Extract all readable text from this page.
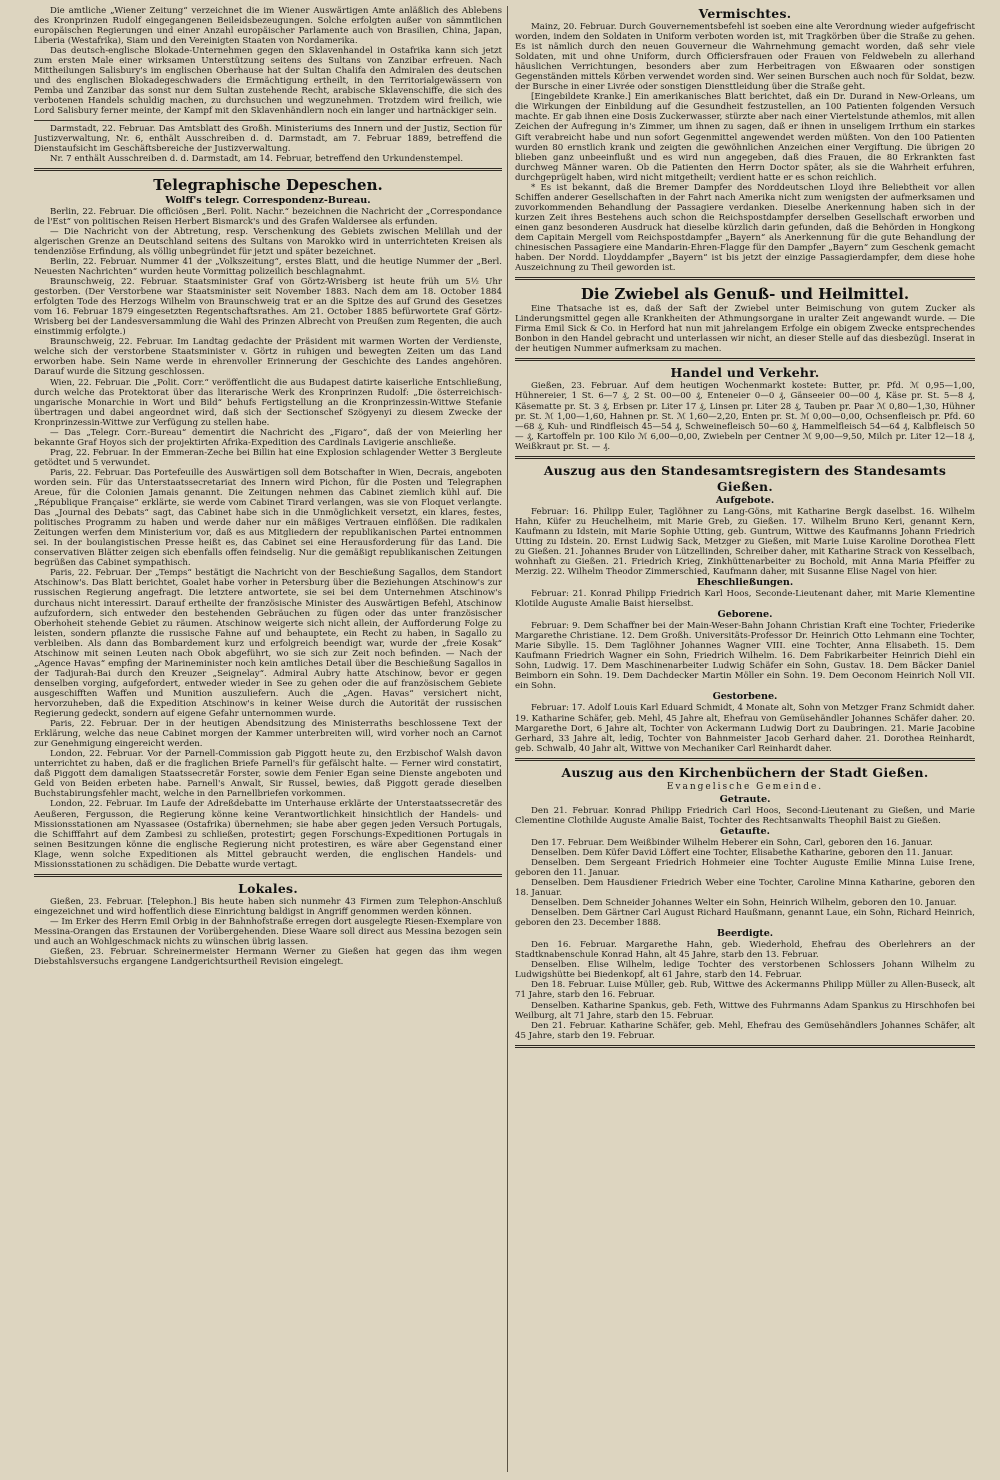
Die amtliche „Wiener Zeitung“ verzeichnet die im Wiener Auswärtigen Amte anläßlich des Ablebens des Kronprinzen Rudolf eingegangenen Beileidsbezeugungen. Solche erfolgten außer von sämmtlichen europäischen Regierungen und einer Anzahl europäischer Parlamente auch von Brasilien, China, Japan, Liberia (Westafrika), Siam und den Vereinigten Staaten von Nordamerika.

Das deutsch-englische Blokade-Unternehmen gegen den Sklavenhandel in Ostafrika kann sich jetzt zum ersten Male einer wirksamen Unterstützung seitens des Sultans von Zanzibar erfreuen. Nach Mittheilungen Salisbury's im englischen Oberhause hat der Sultan Chalifa den Admiralen des deutschen und des englischen Blokadegeschwaders die Ermächtigung ertheilt, in den Territorialgewässern von Pemba und Zanzibar das sonst nur dem Sultan zustehende Recht, arabische Sklavenschiffe, die sich des verbotenen Handels schuldig machen, zu durchsuchen und wegzunehmen. Trotzdem wird freilich, wie Lord Salisbury ferner meinte, der Kampf mit den Sklavenhändlern noch ein langer und hartnäckiger sein.

Darmstadt, 22. Februar. Das Amtsblatt des Großh. Ministeriums des Innern und der Justiz, Section für Justizverwaltung, Nr. 6, enthält Ausschreiben d. d. Darmstadt, am 7. Februar 1889, betreffend die Dienstaufsicht im Geschäftsbereiche der Justizverwaltung.

Nr. 7 enthält Ausschreiben d. d. Darmstadt, am 14. Februar, betreffend den Urkundenstempel.

Telegraphische Depeschen.
Wolff's telegr. Correspondenz-Bureau.

Berlin, 22. Februar. Die officiösen „Berl. Polit. Nachr.“ bezeichnen die Nachricht der „Correspondance de l'Est“ von politischen Reisen Herbert Bismarck's und des Grafen Waldersee als erfunden.

— Die Nachricht von der Abtretung, resp. Verschenkung des Gebiets zwischen Melillah und der algerischen Grenze an Deutschland seitens des Sultans von Marokko wird in unterrichteten Kreisen als tendenziöse Erfindung, als völlig unbegründet für jetzt und später bezeichnet.

Berlin, 22. Februar. Nummer 41 der „Volkszeitung“, erstes Blatt, und die heutige Nummer der „Berl. Neuesten Nachrichten“ wurden heute Vormittag polizeilich beschlagnahmt.

Braunschweig, 22. Februar. Staatsminister Graf von Görtz-Wrisberg ist heute früh um 5½ Uhr gestorben. (Der Verstorbene war Staatsminister seit November 1883. Nach dem am 18. October 1884 erfolgten Tode des Herzogs Wilhelm von Braunschweig trat er an die Spitze des auf Grund des Gesetzes vom 16. Februar 1879 eingesetzten Regentschaftsrathes. Am 21. October 1885 befürwortete Graf Görtz-Wrisberg bei der Landesversammlung die Wahl des Prinzen Albrecht von Preußen zum Regenten, die auch einstimmig erfolgte.)

Braunschweig, 22. Februar. Im Landtag gedachte der Präsident mit warmen Worten der Verdienste, welche sich der verstorbene Staatsminister v. Görtz in ruhigen und bewegten Zeiten um das Land erworben habe. Sein Name werde in ehrenvoller Erinnerung der Geschichte des Landes angehören. Darauf wurde die Sitzung geschlossen.

Wien, 22. Februar. Die „Polit. Corr.“ veröffentlicht die aus Budapest datirte kaiserliche Entschließung, durch welche das Protektorat über das literarische Werk des Kronprinzen Rudolf: „Die österreichisch-ungarische Monarchie in Wort und Bild“ behufs Fertigstellung an die Kronprinzessin-Wittwe Stefanie übertragen und dabei angeordnet wird, daß sich der Sectionschef Szögyenyi zu diesem Zwecke der Kronprinzessin-Wittwe zur Verfügung zu stellen habe.

— Das „Telegr. Corr.-Bureau“ dementirt die Nachricht des „Figaro“, daß der von Meierling her bekannte Graf Hoyos sich der projektirten Afrika-Expedition des Cardinals Lavigerie anschließe.

Prag, 22. Februar. In der Emmeran-Zeche bei Billin hat eine Explosion schlagender Wetter 3 Bergleute getödtet und 5 verwundet.

Paris, 22. Februar. Das Portefeuille des Auswärtigen soll dem Botschafter in Wien, Decrais, angeboten worden sein. Für das Unterstaatssecretariat des Innern wird Pichon, für die Posten und Telegraphen Areue, für die Colonien Jamais genannt. Die Zeitungen nehmen das Cabinet ziemlich kühl auf. Die „République Française“ erklärte, sie werde vom Cabinet Tirard verlangen, was sie von Floquet verlangte. Das „Journal des Debats“ sagt, das Cabinet habe sich in die Unmöglichkeit versetzt, ein klares, festes, politisches Programm zu haben und werde daher nur ein mäßiges Vertrauen einflößen. Die radikalen Zeitungen werfen dem Ministerium vor, daß es aus Mitgliedern der republikanischen Partei entnommen sei. In der boulangistischen Presse heißt es, das Cabinet sei eine Herausforderung für das Land. Die conservativen Blätter zeigen sich ebenfalls offen feindselig. Nur die gemäßigt republikanischen Zeitungen begrüßen das Cabinet sympathisch.

Paris, 22. Februar. Der „Temps“ bestätigt die Nachricht von der Beschießung Sagallos, dem Standort Atschinow's. Das Blatt berichtet, Goalet habe vorher in Petersburg über die Beziehungen Atschinow's zur russischen Regierung angefragt. Die letztere antwortete, sie sei bei dem Unternehmen Atschinow's durchaus nicht interessirt. Darauf ertheilte der französische Minister des Auswärtigen Befehl, Atschinow aufzufordern, sich entweder den bestehenden Gebräuchen zu fügen oder das unter französischer Oberhoheit stehende Gebiet zu räumen. Atschinow weigerte sich nicht allein, der Aufforderung Folge zu leisten, sondern pflanzte die russische Fahne auf und behauptete, ein Recht zu haben, in Sagallo zu verbleiben. Als dann das Bombardement kurz und erfolgreich beendigt war, wurde der „freie Kosak“ Atschinow mit seinen Leuten nach Obok abgeführt, wo sie sich zur Zeit noch befinden. — Nach der „Agence Havas“ empfing der Marineminister noch kein amtliches Detail über die Beschießung Sagallos in der Tadjurah-Bai durch den Kreuzer „Seignelay“. Admiral Aubry hatte Atschinow, bevor er gegen denselben vorging, aufgefordert, entweder wieder in See zu gehen oder die auf französischem Gebiete ausgeschifften Waffen und Munition auszuliefern. Auch die „Agen. Havas“ versichert nicht, hervorzuheben, daß die Expedition Atschinow's in keiner Weise durch die Autorität der russischen Regierung gedeckt, sondern auf eigene Gefahr unternommen wurde.

Paris, 22. Februar. Der in der heutigen Abendsitzung des Ministerraths beschlossene Text der Erklärung, welche das neue Cabinet morgen der Kammer unterbreiten will, wird vorher noch an Carnot zur Genehmigung eingereicht werden.

London, 22. Februar. Vor der Parnell-Commission gab Piggott heute zu, den Erzbischof Walsh davon unterrichtet zu haben, daß er die fraglichen Briefe Parnell's für gefälscht halte. — Ferner wird constatirt, daß Piggott dem damaligen Staatssecretär Forster, sowie dem Fenier Egan seine Dienste angeboten und Geld von Beiden erbeten habe. Parnell's Anwalt, Sir Russel, bewies, daß Piggott gerade dieselben Buchstabirungsfehler macht, welche in den Parnellbriefen vorkommen.

London, 22. Februar. Im Laufe der Adreßdebatte im Unterhause erklärte der Unterstaatssecretär des Aeußeren, Fergusson, die Regierung könne keine Verantwortlichkeit hinsichtlich der Handels- und Missionsstationen am Nyassasee (Ostafrika) übernehmen; sie habe aber gegen jeden Versuch Portugals, die Schifffahrt auf dem Zambesi zu schließen, protestirt; gegen Forschungs-Expeditionen Portugals in seinen Besitzungen könne die englische Regierung nicht protestiren, es wäre aber Gegenstand einer Klage, wenn solche Expeditionen als Mittel gebraucht werden, die englischen Handels- und Missionsstationen zu schädigen. Die Debatte wurde vertagt.

Lokales.

Gießen, 23. Februar. [Telephon.] Bis heute haben sich nunmehr 43 Firmen zum Telephon-Anschluß eingezeichnet und wird hoffentlich diese Einrichtung baldigst in Angriff genommen werden können.

— Im Erker des Herrn Emil Orbig in der Bahnhofstraße erregen dort ausgelegte Riesen-Exemplare von Messina-Orangen das Erstaunen der Vorübergehenden. Diese Waare soll direct aus Messina bezogen sein und auch an Wohlgeschmack nichts zu wünschen übrig lassen.

Gießen, 23. Februar. Schreinermeister Hermann Werner zu Gießen hat gegen das ihm wegen Diebstahlsversuchs ergangene Landgerichtsurtheil Revision eingelegt.

Vermischtes.

Mainz, 20. Februar. Durch Gouvernementsbefehl ist soeben eine alte Verordnung wieder aufgefrischt worden, indem den Soldaten in Uniform verboten worden ist, mit Tragkörben über die Straße zu gehen. Es ist nämlich durch den neuen Gouverneur die Wahrnehmung gemacht worden, daß sehr viele Soldaten, mit und ohne Uniform, durch Officiersfrauen oder Frauen von Feldwebeln zu allerhand häuslichen Verrichtungen, besonders aber zum Herbeitragen von Eßwaaren oder sonstigen Gegenständen mittels Körben verwendet worden sind. Wer seinen Burschen auch noch für Soldat, bezw. der Bursche in einer Livrée oder sonstigen Diensttleidung über die Straße geht.

[Eingebildete Kranke.] Ein amerikanisches Blatt berichtet, daß ein Dr. Durand in New-Orleans, um die Wirkungen der Einbildung auf die Gesundheit festzustellen, an 100 Patienten folgenden Versuch machte. Er gab ihnen eine Dosis Zuckerwasser, stürzte aber nach einer Viertelstunde athemlos, mit allen Zeichen der Aufregung in's Zimmer, um ihnen zu sagen, daß er ihnen in unseligem Irrthum ein starkes Gift verabreicht habe und nun sofort Gegenmittel angewendet werden müßten. Von den 100 Patienten wurden 80 ernstlich krank und zeigten die gewöhnlichen Anzeichen einer Vergiftung. Die übrigen 20 blieben ganz unbeeinflußt und es wird nun angegeben, daß dies Frauen, die 80 Erkrankten fast durchweg Männer waren. Ob die Patienten den Herrn Doctor später, als sie die Wahrheit erfuhren, durchgeprügelt haben, wird nicht mitgetheilt; verdient hatte er es schon reichlich.

* Es ist bekannt, daß die Bremer Dampfer des Norddeutschen Lloyd ihre Beliebtheit vor allen Schiffen anderer Gesellschaften in der Fahrt nach Amerika nicht zum wenigsten der aufmerksamen und zuvorkommenden Behandlung der Passagiere verdanken. Dieselbe Anerkennung haben sich in der kurzen Zeit ihres Bestehens auch schon die Reichspostdampfer derselben Gesellschaft erworben und einen ganz besonderen Ausdruck hat dieselbe kürzlich darin gefunden, daß die Behörden in Hongkong dem Capitain Mergell vom Reichspostdampfer „Bayern“ als Anerkennung für die gute Behandlung der chinesischen Passagiere eine Mandarin-Ehren-Flagge für den Dampfer „Bayern“ zum Geschenk gemacht haben. Der Nordd. Lloyddampfer „Bayern“ ist bis jetzt der einzige Passagierdampfer, dem diese hohe Auszeichnung zu Theil geworden ist.

Die Zwiebel als Genuß- und Heilmittel.

Eine Thatsache ist es, daß der Saft der Zwiebel unter Beimischung von gutem Zucker als Linderungsmittel gegen alle Krankheiten der Athmungsorgane in uralter Zeit angewandt wurde. — Die Firma Emil Sick & Co. in Herford hat nun mit jahrelangem Erfolge ein obigem Zwecke entsprechendes Bonbon in den Handel gebracht und unterlassen wir nicht, an dieser Stelle auf das diesbezügl. Inserat in der heutigen Nummer aufmerksam zu machen.

Handel und Verkehr.

Gießen, 23. Februar. Auf dem heutigen Wochenmarkt kostete: Butter, pr. Pfd. ℳ 0,95—1,00, Hühnereier, 1 St. 6—7 ₰, 2 St. 00—00 ₰, Enteneier 0—0 ₰, Gänseeier 00—00 ₰, Käse pr. St. 5—8 ₰, Käsematte pr. St. 3 ₰, Erbsen pr. Liter 17 ₰, Linsen pr. Liter 28 ₰, Tauben pr. Paar ℳ 0,80—1,30, Hühner pr. St. ℳ 1,00—1,60, Hahnen pr. St. ℳ 1,60—2,20, Enten pr. St. ℳ 0,00—0,00, Ochsenfleisch pr. Pfd. 60—68 ₰, Kuh- und Rindfleisch 45—54 ₰, Schweinefleisch 50—60 ₰, Hammelfleisch 54—64 ₰, Kalbfleisch 50— ₰, Kartoffeln pr. 100 Kilo ℳ 6,00—0,00, Zwiebeln per Centner ℳ 9,00—9,50, Milch pr. Liter 12—18 ₰, Weißkraut pr. St. — ₰.

Auszug aus den Standesamtsregistern des Standesamts Gießen.
Aufgebote.

Februar: 16. Philipp Euler, Taglöhner zu Lang-Göns, mit Katharine Bergk daselbst. 16. Wilhelm Hahn, Küfer zu Heuchelheim, mit Marie Greb, zu Gießen. 17. Wilhelm Bruno Keri, genannt Kern, Kaufmann zu Idstein, mit Marie Sophie Utting, geb. Guntrum, Wittwe des Kaufmanns Johann Friedrich Utting zu Idstein. 20. Ernst Ludwig Sack, Metzger zu Gießen, mit Marie Luise Karoline Dorothea Flett zu Gießen. 21. Johannes Bruder von Lützellinden, Schreiber daher, mit Katharine Strack von Kesselbach, wohnhaft zu Gießen. 21. Friedrich Krieg, Zinkhüttenarbeiter zu Bochold, mit Anna Maria Pfeiffer zu Merzig. 22. Wilhelm Theodor Zimmerschied, Kaufmann daher, mit Susanne Elise Nagel von hier.

Eheschließungen.

Februar: 21. Konrad Philipp Friedrich Karl Hoos, Seconde-Lieutenant daher, mit Marie Klementine Klotilde Auguste Amalie Baist hierselbst.

Geborene.

Februar: 9. Dem Schaffner bei der Main-Weser-Bahn Johann Christian Kraft eine Tochter, Friederike Margarethe Christiane. 12. Dem Großh. Universitäts-Professor Dr. Heinrich Otto Lehmann eine Tochter, Marie Sibylle. 15. Dem Taglöhner Johannes Wagner VIII. eine Tochter, Anna Elisabeth. 15. Dem Kaufmann Friedrich Wagner ein Sohn, Friedrich Wilhelm. 16. Dem Fabrikarbeiter Heinrich Diehl ein Sohn, Ludwig. 17. Dem Maschinenarbeiter Ludwig Schäfer ein Sohn, Gustav. 18. Dem Bäcker Daniel Beimborn ein Sohn. 19. Dem Dachdecker Martin Möller ein Sohn. 19. Dem Oeconom Heinrich Noll VII. ein Sohn.

Gestorbene.

Februar: 17. Adolf Louis Karl Eduard Schmidt, 4 Monate alt, Sohn von Metzger Franz Schmidt daher. 19. Katharine Schäfer, geb. Mehl, 45 Jahre alt, Ehefrau von Gemüsehändler Johannes Schäfer daher. 20. Margarethe Dort, 6 Jahre alt, Tochter von Ackermann Ludwig Dort zu Daubringen. 21. Marie Jacobine Gerhard, 33 Jahre alt, ledig, Tochter von Bahnmeister Jacob Gerhard daher. 21. Dorothea Reinhardt, geb. Schwalb, 40 Jahr alt, Wittwe von Mechaniker Carl Reinhardt daher.

Auszug aus den Kirchenbüchern der Stadt Gießen.
Evangelische Gemeinde.
Getraute.

Den 21. Februar. Konrad Philipp Friedrich Carl Hoos, Second-Lieutenant zu Gießen, und Marie Clementine Clothilde Auguste Amalie Baist, Tochter des Rechtsanwalts Theophil Baist zu Gießen.

Getaufte.

Den 17. Februar. Dem Weißbinder Wilhelm Heberer ein Sohn, Carl, geboren den 16. Januar.

Denselben. Dem Küfer David Löffert eine Tochter, Elisabethe Katharine, geboren den 11. Januar.

Denselben. Dem Sergeant Friedrich Hohmeier eine Tochter Auguste Emilie Minna Luise Irene, geboren den 11. Januar.

Denselben. Dem Hausdiener Friedrich Weber eine Tochter, Caroline Minna Katharine, geboren den 18. Januar.

Denselben. Dem Schneider Johannes Welter ein Sohn, Heinrich Wilhelm, geboren den 10. Januar.

Denselben. Dem Gärtner Carl August Richard Haußmann, genannt Laue, ein Sohn, Richard Heinrich, geboren den 23. December 1888.

Beerdigte.

Den 16. Februar. Margarethe Hahn, geb. Wiederhold, Ehefrau des Oberlehrers an der Stadtknabenschule Konrad Hahn, alt 45 Jahre, starb den 13. Februar.

Denselben. Elise Wilhelm, ledige Tochter des verstorbenen Schlossers Johann Wilhelm zu Ludwigshütte bei Biedenkopf, alt 61 Jahre, starb den 14. Februar.

Den 18. Februar. Luise Müller, geb. Rub, Wittwe des Ackermanns Philipp Müller zu Allen-Buseck, alt 71 Jahre, starb den 16. Februar.

Denselben. Katharine Spankus, geb. Feth, Wittwe des Fuhrmanns Adam Spankus zu Hirschhofen bei Weilburg, alt 71 Jahre, starb den 15. Februar.

Den 21. Februar. Katharine Schäfer, geb. Mehl, Ehefrau des Gemüsehändlers Johannes Schäfer, alt 45 Jahre, starb den 19. Februar.
